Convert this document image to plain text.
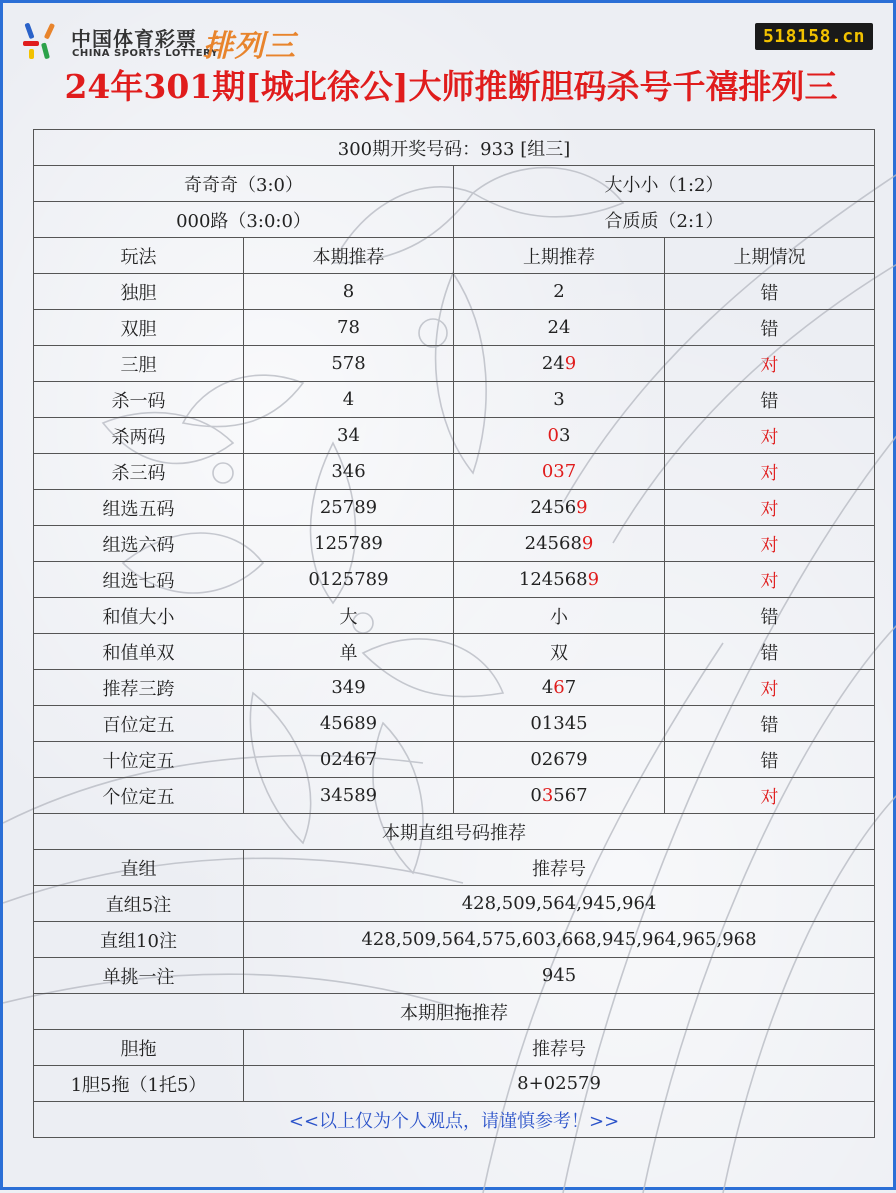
中国体育彩票
CHINA SPORTS LOTTERY
排列三	518158.cn
24年301期[城北徐公]大师推断胆码杀号千禧排列三
300期开奖号码：933 [组三]			
奇奇奇（3:0）		大小小（1:2）	
000路（3:0:0）		合质质（2:1）	
玩法	本期推荐	上期推荐	上期情况
独胆	8	2	错
双胆	78	24	错
三胆	578	249	对
杀一码	4	3	错
杀两码	34	03	对
杀三码	346	037	对
组选五码	25789	24569	对
组选六码	125789	245689	对
组选七码	0125789	1245689	对
和值大小	大	小	错
和值单双	单	双	错
推荐三跨	349	467	对
百位定五	45689	01345	错
十位定五	02467	02679	错
个位定五	34589	03567	对
本期直组号码推荐			
直组	推荐号		
直组5注	428,509,564,945,964		
直组10注	428,509,564,575,603,668,945,964,965,968		
单挑一注	945		
本期胆拖推荐			
胆拖	推荐号		
1胆5拖（1托5）	8+02579		
<<以上仅为个人观点，请谨慎参考！>>			
